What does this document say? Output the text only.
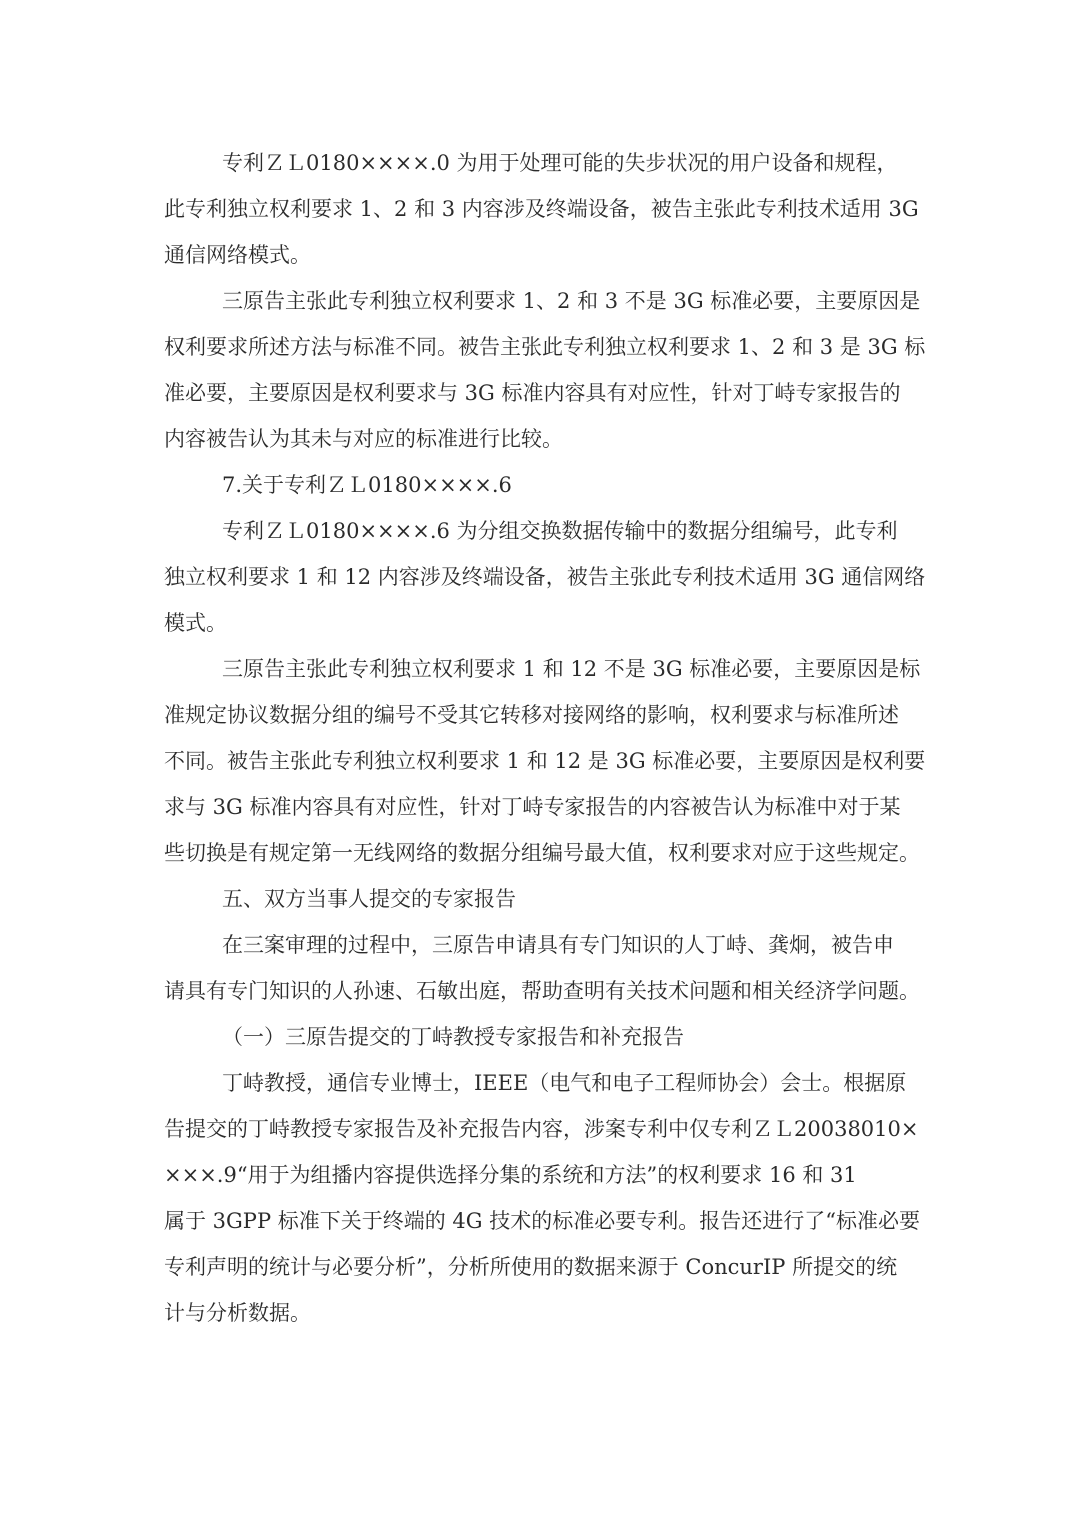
专利ＺＬ0180××××.0 为用于处理可能的失步状况的用户设备和规程，
此专利独立权利要求 1、2 和 3 内容涉及终端设备，被告主张此专利技术适用 3G
通信网络模式。
三原告主张此专利独立权利要求 1、2 和 3 不是 3G 标准必要，主要原因是
权利要求所述方法与标准不同。被告主张此专利独立权利要求 1、2 和 3 是 3G 标
准必要，主要原因是权利要求与 3G 标准内容具有对应性，针对丁峙专家报告的
内容被告认为其未与对应的标准进行比较。
7.关于专利ＺＬ0180××××.6
专利ＺＬ0180××××.6 为分组交换数据传输中的数据分组编号，此专利
独立权利要求 1 和 12 内容涉及终端设备，被告主张此专利技术适用 3G 通信网络
模式。
三原告主张此专利独立权利要求 1 和 12 不是 3G 标准必要，主要原因是标
准规定协议数据分组的编号不受其它转移对接网络的影响，权利要求与标准所述
不同。被告主张此专利独立权利要求 1 和 12 是 3G 标准必要，主要原因是权利要
求与 3G 标准内容具有对应性，针对丁峙专家报告的内容被告认为标准中对于某
些切换是有规定第一无线网络的数据分组编号最大值，权利要求对应于这些规定。
五、双方当事人提交的专家报告
在三案审理的过程中，三原告申请具有专门知识的人丁峙、龚炯，被告申
请具有专门知识的人孙速、石敏出庭，帮助查明有关技术问题和相关经济学问题。
（一）三原告提交的丁峙教授专家报告和补充报告
丁峙教授，通信专业博士，IEEE（电气和电子工程师协会）会士。根据原
告提交的丁峙教授专家报告及补充报告内容，涉案专利中仅专利ＺＬ20038010×
×××.9“用于为组播内容提供选择分集的系统和方法”的权利要求 16 和 31
属于 3GPP 标准下关于终端的 4G 技术的标准必要专利。报告还进行了“标准必要
专利声明的统计与必要分析”，分析所使用的数据来源于 ConcurIP 所提交的统
计与分析数据。
